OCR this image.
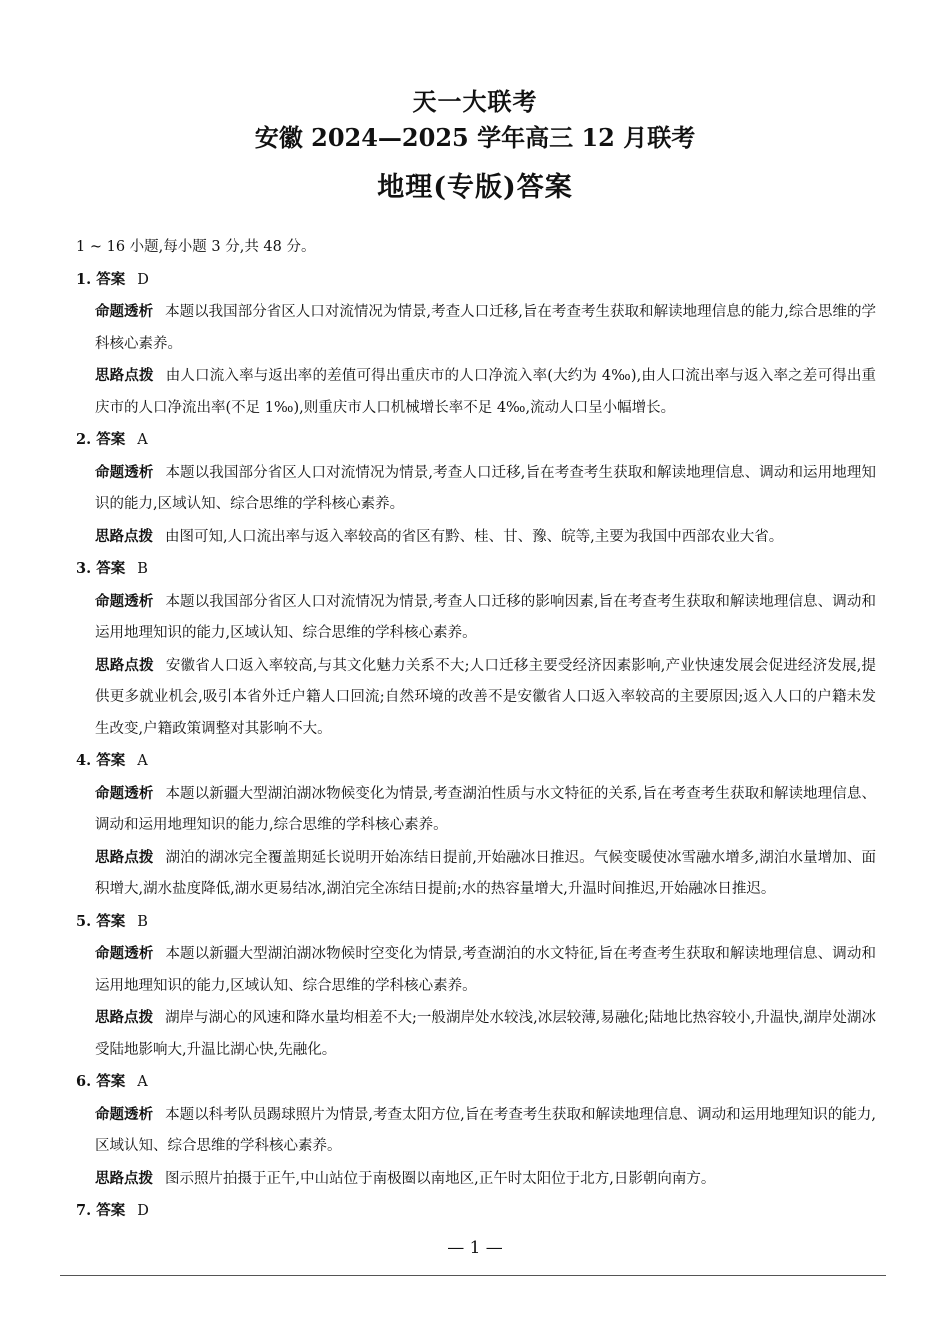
天一大联考
安徽 2024—2025 学年高三 12 月联考
地理(专版)答案
1 ~ 16 小题,每小题 3 分,共 48 分。
1. 答案 D
命题透析 本题以我国部分省区人口对流情况为情景,考查人口迁移,旨在考查考生获取和解读地理信息的能力,综合思维的学科核心素养。
思路点拨 由人口流入率与返出率的差值可得出重庆市的人口净流入率(大约为 4‰),由人口流出率与返入率之差可得出重庆市的人口净流出率(不足 1‰),则重庆市人口机械增长率不足 4‰,流动人口呈小幅增长。
2. 答案 A
命题透析 本题以我国部分省区人口对流情况为情景,考查人口迁移,旨在考查考生获取和解读地理信息、调动和运用地理知识的能力,区域认知、综合思维的学科核心素养。
思路点拨 由图可知,人口流出率与返入率较高的省区有黔、桂、甘、豫、皖等,主要为我国中西部农业大省。
3. 答案 B
命题透析 本题以我国部分省区人口对流情况为情景,考查人口迁移的影响因素,旨在考查考生获取和解读地理信息、调动和运用地理知识的能力,区域认知、综合思维的学科核心素养。
思路点拨 安徽省人口返入率较高,与其文化魅力关系不大;人口迁移主要受经济因素影响,产业快速发展会促进经济发展,提供更多就业机会,吸引本省外迁户籍人口回流;自然环境的改善不是安徽省人口返入率较高的主要原因;返入人口的户籍未发生改变,户籍政策调整对其影响不大。
4. 答案 A
命题透析 本题以新疆大型湖泊湖冰物候变化为情景,考查湖泊性质与水文特征的关系,旨在考查考生获取和解读地理信息、调动和运用地理知识的能力,综合思维的学科核心素养。
思路点拨 湖泊的湖冰完全覆盖期延长说明开始冻结日提前,开始融冰日推迟。气候变暖使冰雪融水增多,湖泊水量增加、面积增大,湖水盐度降低,湖水更易结冰,湖泊完全冻结日提前;水的热容量增大,升温时间推迟,开始融冰日推迟。
5. 答案 B
命题透析 本题以新疆大型湖泊湖冰物候时空变化为情景,考查湖泊的水文特征,旨在考查考生获取和解读地理信息、调动和运用地理知识的能力,区域认知、综合思维的学科核心素养。
思路点拨 湖岸与湖心的风速和降水量均相差不大;一般湖岸处水较浅,冰层较薄,易融化;陆地比热容较小,升温快,湖岸处湖冰受陆地影响大,升温比湖心快,先融化。
6. 答案 A
命题透析 本题以科考队员踢球照片为情景,考查太阳方位,旨在考查考生获取和解读地理信息、调动和运用地理知识的能力,区域认知、综合思维的学科核心素养。
思路点拨 图示照片拍摄于正午,中山站位于南极圈以南地区,正午时太阳位于北方,日影朝向南方。
7. 答案 D
— 1 —
